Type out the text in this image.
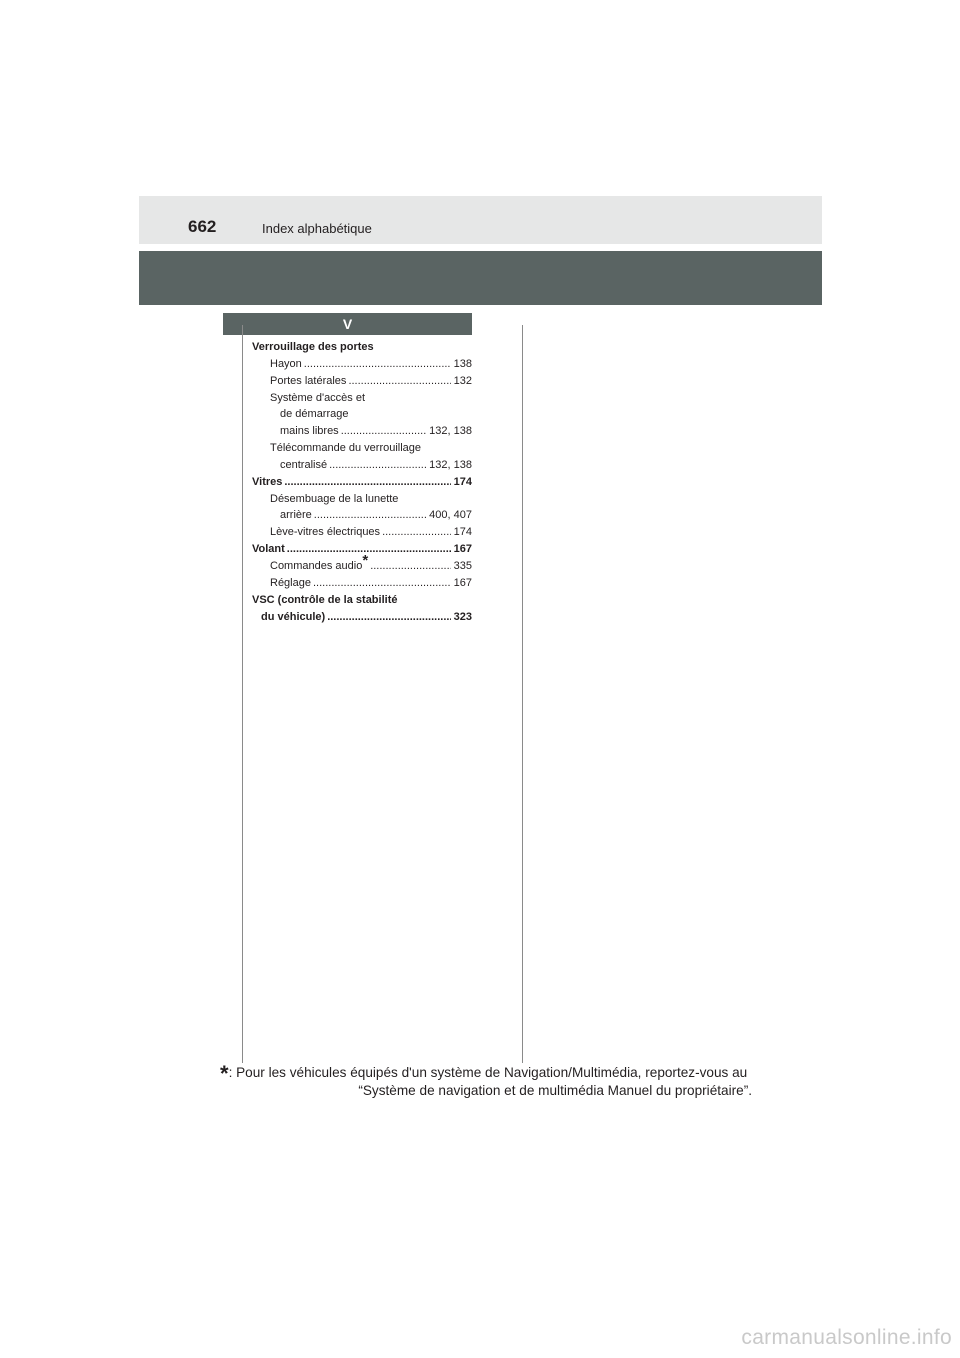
662	Index alphabétique
V
Verrouillage des portes
Hayon .....	138
Portes latérales .....	132
Système d'accès et
de démarrage
mains libres .....	132, 138
Télécommande du verrouillage
centralisé .....	132, 138
Vitres .....	174
Désembuage de la lunette
arrière .....	400, 407
Lève-vitres électriques .....	174
Volant .....	167
Commandes audio* .....	335
Réglage .....	167
VSC (contrôle de la stabilité
du véhicule) .....	323
*: Pour les véhicules équipés d'un système de Navigation/Multimédia, reportez-vous au
“Système de navigation et de multimédia Manuel du propriétaire”.
carmanualsonline.info
